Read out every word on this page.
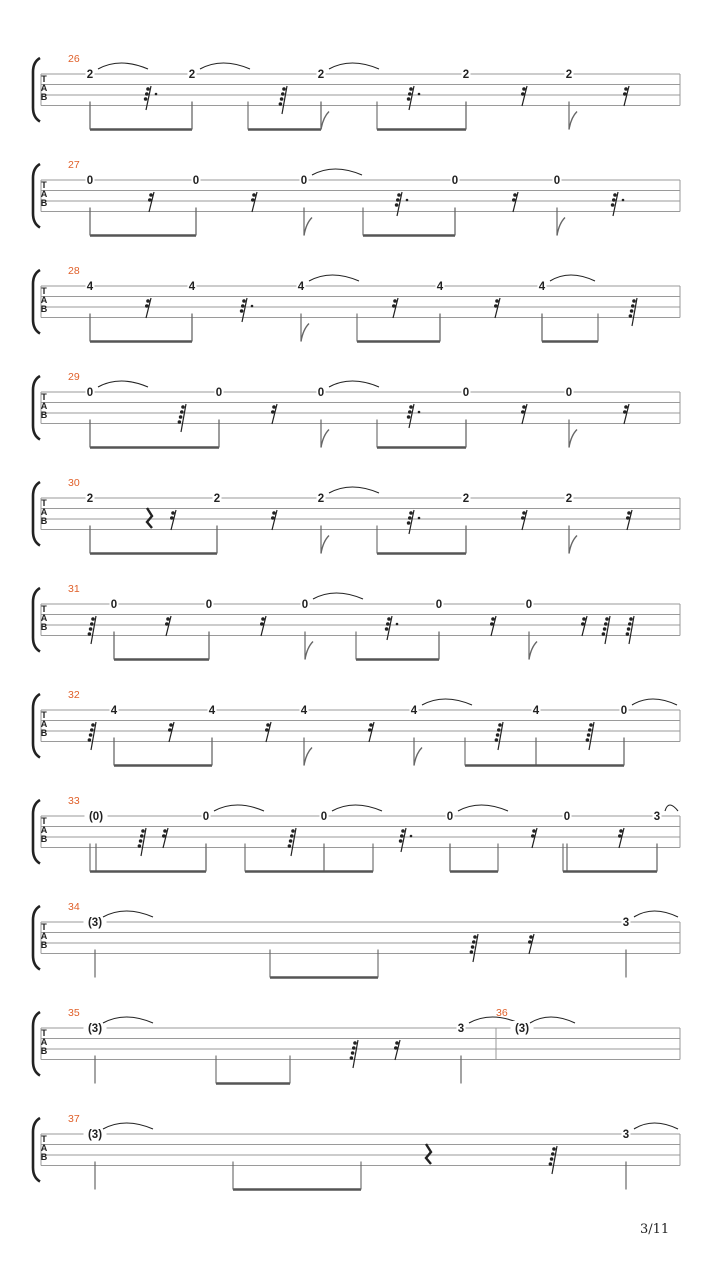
26
T
A
B
2	2	2	2	2
27
T
A
B
0	0	0	0	0
28
T
A
B
4	4	4	4	4
29
T
A
B
0	0	0	0	0
30
T
A
B
2	2	2	2	2
31
T
A
B
0	0	0	0	0
32
T
A
B
4	4	4	4	4	0
33
T
A
B
(0)	0	0	0	0	3
34
T
A
B
(3)	3
35	36
T
A
B
(3)	3	(3)
37
T
A
B
(3)	3
3/11
